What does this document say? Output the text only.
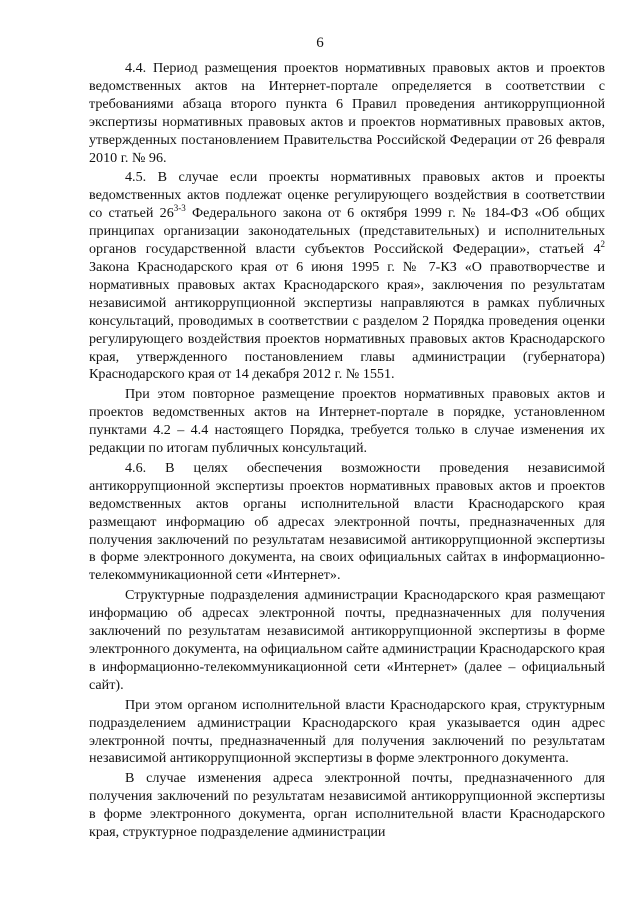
6

4.4. Период размещения проектов нормативных правовых актов и проектов ведомственных актов на Интернет-портале определяется в соответствии с требованиями абзаца второго пункта 6 Правил проведения антикоррупционной экспертизы нормативных правовых актов и проектов нормативных правовых актов, утвержденных постановлением Правительства Российской Федерации от 26 февраля 2010 г. № 96.

4.5. В случае если проекты нормативных правовых актов и проекты ведомственных актов подлежат оценке регулирующего воздействия в соответствии со статьей 26$^{3-3}$ Федерального закона от 6 октября 1999 г. № 184-ФЗ «Об общих принципах организации законодательных (представительных) и исполнительных органов государственной власти субъектов Российской Федерации», статьей $4^2$ Закона Краснодарского края от 6 июня 1995 г. № 7-КЗ «О правотворчестве и нормативных правовых актах Краснодарского края», заключения по результатам независимой антикоррупционной экспертизы направляются в рамках публичных консультаций, проводимых в соответствии с разделом 2 Порядка проведения оценки регулирующего воздействия проектов нормативных правовых актов Краснодарского края, утвержденного постановлением главы администрации (губернатора) Краснодарского края от 14 декабря 2012 г. № 1551.

При этом повторное размещение проектов нормативных правовых актов и проектов ведомственных актов на Интернет-портале в порядке, установленном пунктами 4.2 – 4.4 настоящего Порядка, требуется только в случае изменения их редакции по итогам публичных консультаций.

4.6. В целях обеспечения возможности проведения независимой антикоррупционной экспертизы проектов нормативных правовых актов и проектов ведомственных актов органы исполнительной власти Краснодарского края размещают информацию об адресах электронной почты, предназначенных для получения заключений по результатам независимой антикоррупционной экспертизы в форме электронного документа, на своих официальных сайтах в информационно-телекоммуникационной сети «Интернет».

Структурные подразделения администрации Краснодарского края размещают информацию об адресах электронной почты, предназначенных для получения заключений по результатам независимой антикоррупционной экспертизы в форме электронного документа, на официальном сайте администрации Краснодарского края в информационно-телекоммуникационной сети «Интернет» (далее – официальный сайт).

При этом органом исполнительной власти Краснодарского края, структурным подразделением администрации Краснодарского края указывается один адрес электронной почты, предназначенный для получения заключений по результатам независимой антикоррупционной экспертизы в форме электронного документа.

В случае изменения адреса электронной почты, предназначенного для получения заключений по результатам независимой антикоррупционной экспертизы в форме электронного документа, орган исполнительной власти Краснодарского края, структурное подразделение администрации
